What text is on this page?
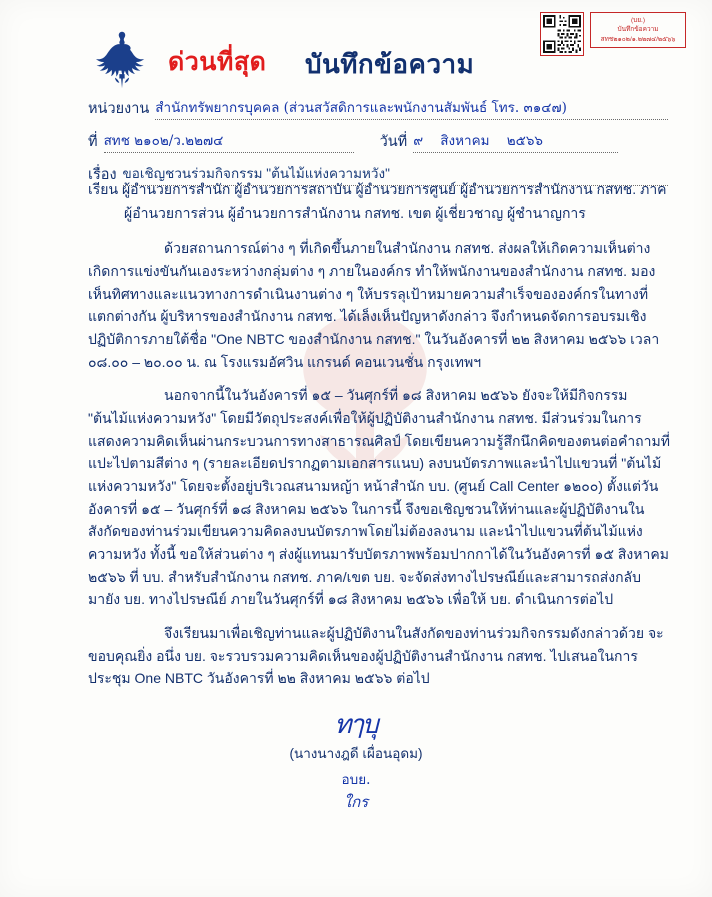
(บย.)
บันทึกข้อความ
สทช๒๑๐๒/๑.๒๒๗๔/๒๕๖๖
ด่วนที่สุด บันทึกข้อความ
หน่วยงาน สำนักทรัพยากรบุคคล (ส่วนสวัสดิการและพนักงานสัมพันธ์ โทร. ๓๑๔๗)
ที่ สทช ๒๑๐๒/ว.๒๒๗๔	วันที่ ๙ สิงหาคม ๒๕๖๖
เรื่อง ขอเชิญชวนร่วมกิจกรรม "ต้นไม้แห่งความหวัง"
เรียน ผู้อำนวยการสำนัก ผู้อำนวยการสถาบัน ผู้อำนวยการศูนย์ ผู้อำนวยการสำนักงาน กสทช. ภาค
ผู้อำนวยการส่วน ผู้อำนวยการสำนักงาน กสทช. เขต ผู้เชี่ยวชาญ ผู้ชำนาญการ
ด้วยสถานการณ์ต่าง ๆ ที่เกิดขึ้นภายในสำนักงาน กสทช. ส่งผลให้เกิดความเห็นต่าง เกิดการแข่งขันกันเองระหว่างกลุ่มต่าง ๆ ภายในองค์กร ทำให้พนักงานของสำนักงาน กสทช. มองเห็นทิศทางและแนวทางการดำเนินงานต่าง ๆ ให้บรรลุเป้าหมายความสำเร็จขององค์กรในทางที่แตกต่างกัน ผู้บริหารของสำนักงาน กสทช. ได้เล็งเห็นปัญหาดังกล่าว จึงกำหนดจัดการอบรมเชิงปฏิบัติการภายใต้ชื่อ "One NBTC ของสำนักงาน กสทช." ในวันอังคารที่ ๒๒ สิงหาคม ๒๕๖๖ เวลา ๐๘.๐๐ – ๒๐.๐๐ น. ณ โรงแรมอัศวิน แกรนด์ คอนเวนชั่น กรุงเทพฯ
นอกจากนี้ในวันอังคารที่ ๑๕ – วันศุกร์ที่ ๑๘ สิงหาคม ๒๕๖๖ ยังจะให้มีกิจกรรม "ต้นไม้แห่งความหวัง" โดยมีวัตถุประสงค์เพื่อให้ผู้ปฏิบัติงานสำนักงาน กสทช. มีส่วนร่วมในการแสดงความคิดเห็นผ่านกระบวนการทางสาธารณศิลป์ โดยเขียนความรู้สึกนึกคิดของตนต่อคำถามที่แปะไปตามสีต่าง ๆ (รายละเอียดปรากฏตามเอกสารแนบ) ลงบนบัตรภาพและนำไปแขวนที่ "ต้นไม้แห่งความหวัง" โดยจะตั้งอยู่บริเวณสนามหญ้า หน้าสำนัก บบ. (ศูนย์ Call Center ๑๒๐๐) ตั้งแต่วันอังคารที่ ๑๕ – วันศุกร์ที่ ๑๘ สิงหาคม ๒๕๖๖ ในการนี้ จึงขอเชิญชวนให้ท่านและผู้ปฏิบัติงานในสังกัดของท่านร่วมเขียนความคิดลงบนบัตรภาพโดยไม่ต้องลงนาม และนำไปแขวนที่ต้นไม้แห่งความหวัง ทั้งนี้ ขอให้ส่วนต่าง ๆ ส่งผู้แทนมารับบัตรภาพพร้อมปากกาได้ในวันอังคารที่ ๑๕ สิงหาคม ๒๕๖๖ ที่ บบ. สำหรับสำนักงาน กสทช. ภาค/เขต บย. จะจัดส่งทางไปรษณีย์และสามารถส่งกลับมายัง บย. ทางไปรษณีย์ ภายในวันศุกร์ที่ ๑๘ สิงหาคม ๒๕๖๖ เพื่อให้ บย. ดำเนินการต่อไป
จึงเรียนมาเพื่อเชิญท่านและผู้ปฏิบัติงานในสังกัดของท่านร่วมกิจกรรมดังกล่าวด้วย จะขอบคุณยิ่ง อนึ่ง บย. จะรวบรวมความคิดเห็นของผู้ปฏิบัติงานสำนักงาน กสทช. ไปเสนอในการประชุม One NBTC วันอังคารที่ ๒๒ สิงหาคม ๒๕๖๖ ต่อไป
ทๅบุ
(นางนางฎดี เผื่อนอุดม)
อบย.
ใกร
